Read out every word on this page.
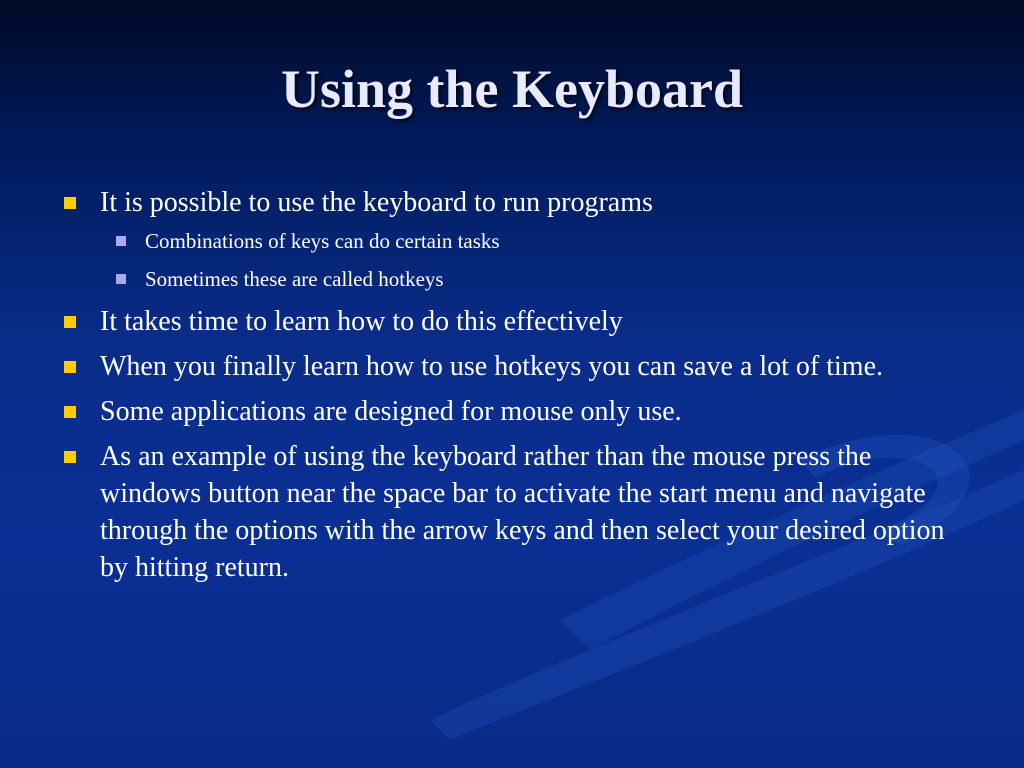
Using the Keyboard
It is possible to use the keyboard to run programs
Combinations of keys can do certain tasks
Sometimes these are called hotkeys
It takes time to learn how to do this effectively
When you finally learn how to use hotkeys you can save a lot of time.
Some applications are designed for mouse only use.
As an example of using the keyboard rather than the mouse press the windows button near the space bar to activate the start menu and navigate through the options with the arrow keys and then select your desired option by hitting return.
